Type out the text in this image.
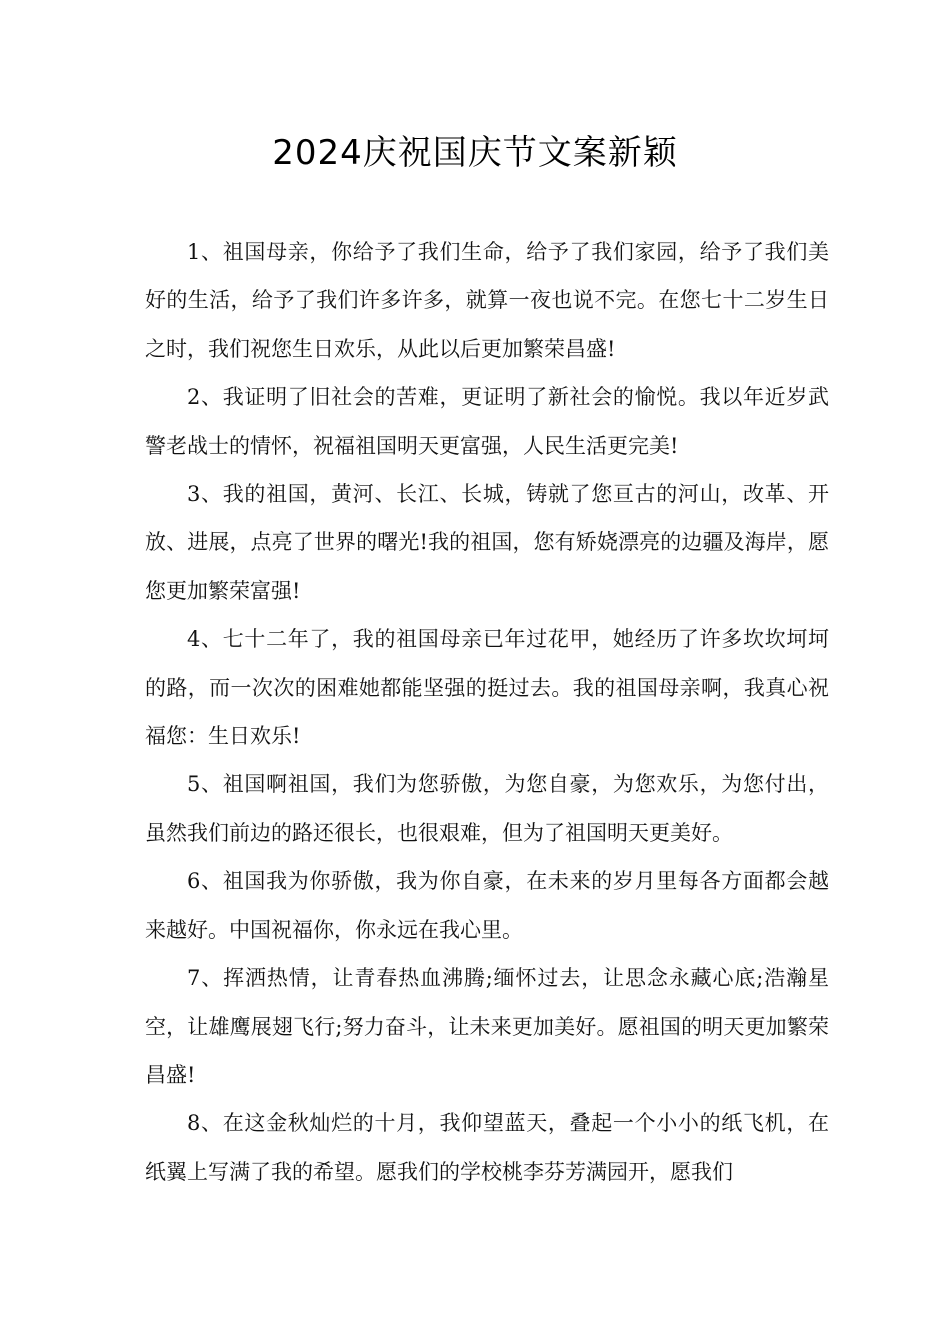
2024庆祝国庆节文案新颖

1、祖国母亲，你给予了我们生命，给予了我们家园，给予了我们美好的生活，给予了我们许多许多，就算一夜也说不完。在您七十二岁生日之时，我们祝您生日欢乐，从此以后更加繁荣昌盛!

2、我证明了旧社会的苦难，更证明了新社会的愉悦。我以年近岁武警老战士的情怀，祝福祖国明天更富强，人民生活更完美!

3、我的祖国，黄河、长江、长城，铸就了您亘古的河山，改革、开放、进展，点亮了世界的曙光!我的祖国，您有矫娆漂亮的边疆及海岸，愿您更加繁荣富强!

4、七十二年了，我的祖国母亲已年过花甲，她经历了许多坎坎坷坷的路，而一次次的困难她都能坚强的挺过去。我的祖国母亲啊，我真心祝福您：生日欢乐!

5、祖国啊祖国，我们为您骄傲，为您自豪，为您欢乐，为您付出，虽然我们前边的路还很长，也很艰难，但为了祖国明天更美好。

6、祖国我为你骄傲，我为你自豪，在未来的岁月里每各方面都会越来越好。中国祝福你，你永远在我心里。

7、挥洒热情，让青春热血沸腾;缅怀过去，让思念永藏心底;浩瀚星空，让雄鹰展翅飞行;努力奋斗，让未来更加美好。愿祖国的明天更加繁荣昌盛!

8、在这金秋灿烂的十月，我仰望蓝天，叠起一个小小的纸飞机，在纸翼上写满了我的希望。愿我们的学校桃李芬芳满园开，愿我们
